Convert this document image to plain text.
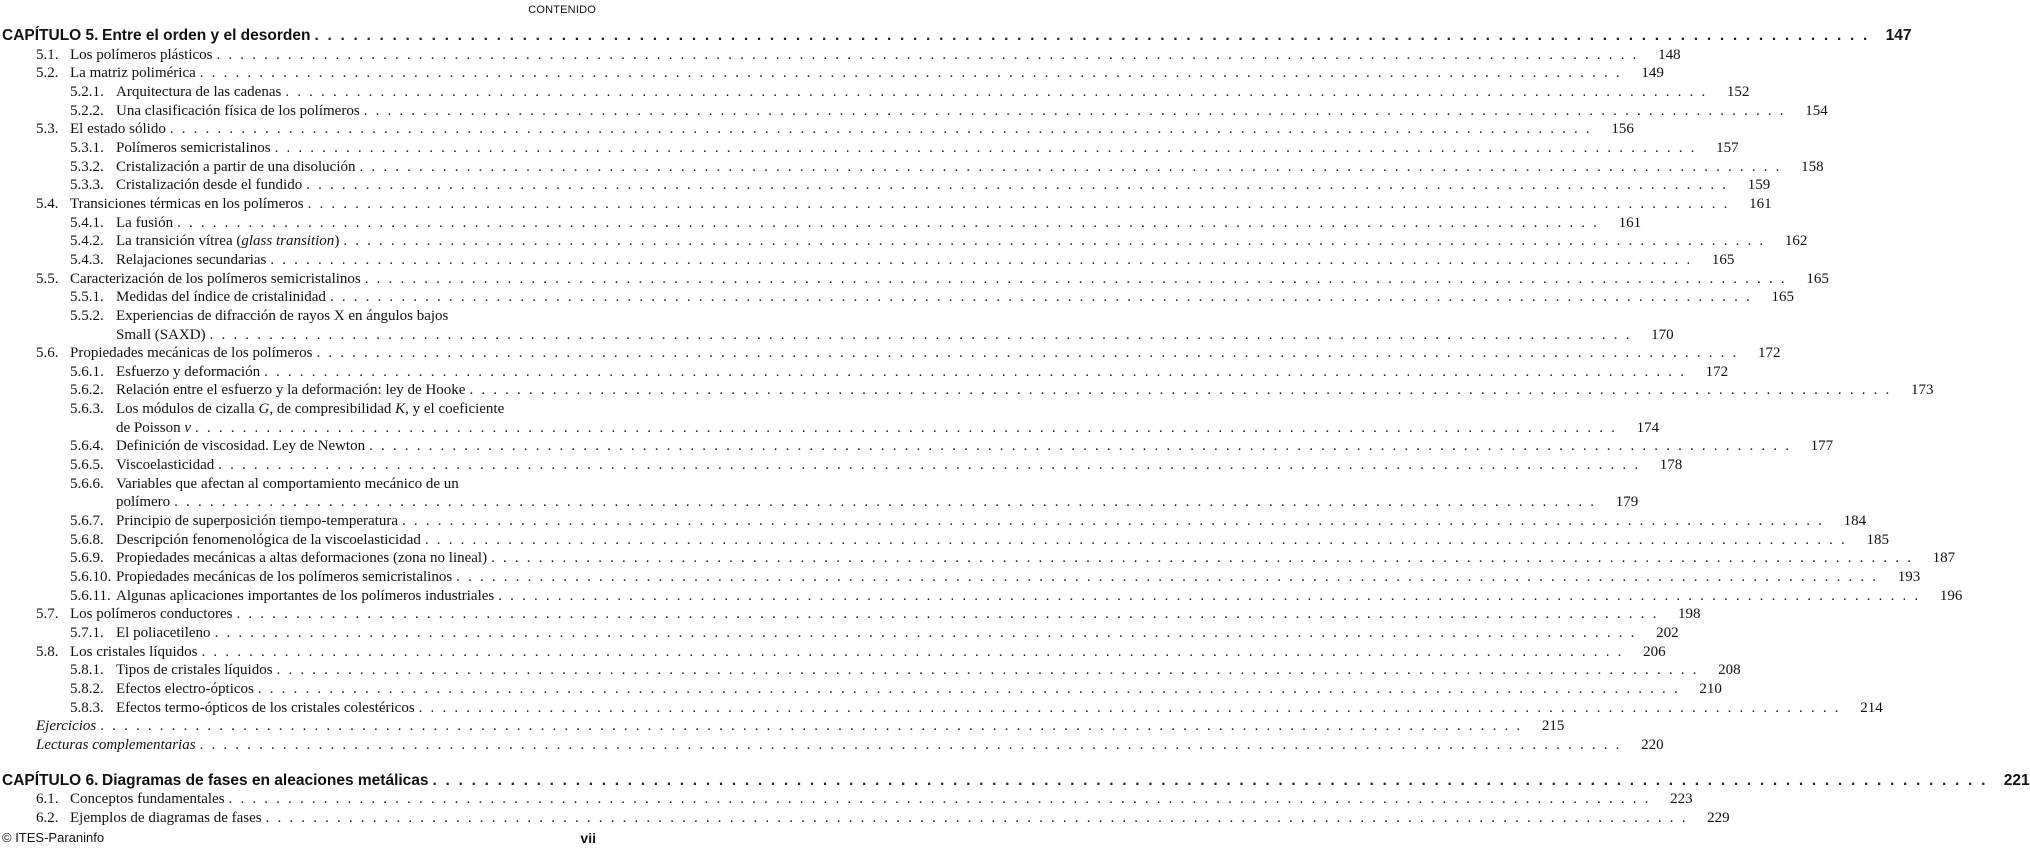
CONTENIDO
CAPÍTULO 5. Entre el orden y el desorden . . . . . . . . . . . . . . . . . . . . . . . . . . . . . . . . . . . . . . . . . . . . . . . . . . . . . . . . . . . . . . . . . . . . . . . . . . . . . . . . . . . . . . . . . . . . . . . . . . . . . . . . . . . . . . . . . . . . . . . .	147
5.1. Los polímeros plásticos . . . . . . . . . . . . . . . . . . . . . . . . . . . . . . . . . . . . . . . . . . . . . . . . . . . . . . . . . . . . . . . . . . . . . . . . . . . . . . . . . . . . . . . . . . . . . . . . . . . . . . . . . . . . . . . . . . . . . . . .	148
5.2. La matriz polimérica . . . . . . . . . . . . . . . . . . . . . . . . . . . . . . . . . . . . . . . . . . . . . . . . . . . . . . . . . . . . . . . . . . . . . . . . . . . . . . . . . . . . . . . . . . . . . . . . . . . . . . . . . . . . . . . . . . . . . . . .	149
5.2.1. Arquitectura de las cadenas . . . . . . . . . . . . . . . . . . . . . . . . . . . . . . . . . . . . . . . . . . . . . . . . . . . . . . . . . . . . . . . . . . . . . . . . . . . . . . . . . . . . . . . . . . . . . . . . . . . . . . . . . . . . . . . . . . . . . . . .	152
5.2.2. Una clasificación física de los polímeros . . . . . . . . . . . . . . . . . . . . . . . . . . . . . . . . . . . . . . . . . . . . . . . . . . . . . . . . . . . . . . . . . . . . . . . . . . . . . . . . . . . . . . . . . . . . . . . . . . . . . . . . . . . . . . . . . . . . . . . .	154
5.3. El estado sólido . . . . . . . . . . . . . . . . . . . . . . . . . . . . . . . . . . . . . . . . . . . . . . . . . . . . . . . . . . . . . . . . . . . . . . . . . . . . . . . . . . . . . . . . . . . . . . . . . . . . . . . . . . . . . . . . . . . . . . . .	156
5.3.1. Polímeros semicristalinos . . . . . . . . . . . . . . . . . . . . . . . . . . . . . . . . . . . . . . . . . . . . . . . . . . . . . . . . . . . . . . . . . . . . . . . . . . . . . . . . . . . . . . . . . . . . . . . . . . . . . . . . . . . . . . . . . . . . . . . .	157
5.3.2. Cristalización a partir de una disolución . . . . . . . . . . . . . . . . . . . . . . . . . . . . . . . . . . . . . . . . . . . . . . . . . . . . . . . . . . . . . . . . . . . . . . . . . . . . . . . . . . . . . . . . . . . . . . . . . . . . . . . . . . . . . . . . . . . . . . . .	158
5.3.3. Cristalización desde el fundido . . . . . . . . . . . . . . . . . . . . . . . . . . . . . . . . . . . . . . . . . . . . . . . . . . . . . . . . . . . . . . . . . . . . . . . . . . . . . . . . . . . . . . . . . . . . . . . . . . . . . . . . . . . . . . . . . . . . . . . .	159
5.4. Transiciones térmicas en los polímeros . . . . . . . . . . . . . . . . . . . . . . . . . . . . . . . . . . . . . . . . . . . . . . . . . . . . . . . . . . . . . . . . . . . . . . . . . . . . . . . . . . . . . . . . . . . . . . . . . . . . . . . . . . . . . . . . . . . . . . . .	161
5.4.1. La fusión . . . . . . . . . . . . . . . . . . . . . . . . . . . . . . . . . . . . . . . . . . . . . . . . . . . . . . . . . . . . . . . . . . . . . . . . . . . . . . . . . . . . . . . . . . . . . . . . . . . . . . . . . . . . . . . . . . . . . . . .	161
5.4.2. La transición vítrea (glass transition) . . . . . . . . . . . . . . . . . . . . . . . . . . . . . . . . . . . . . . . . . . . . . . . . . . . . . . . . . . . . . . . . . . . . . . . . . . . . . . . . . . . . . . . . . . . . . . . . . . . . . . . . . . . . . . . . . . . . . . . .	162
5.4.3. Relajaciones secundarias . . . . . . . . . . . . . . . . . . . . . . . . . . . . . . . . . . . . . . . . . . . . . . . . . . . . . . . . . . . . . . . . . . . . . . . . . . . . . . . . . . . . . . . . . . . . . . . . . . . . . . . . . . . . . . . . . . . . . . . .	165
5.5. Caracterización de los polímeros semicristalinos . . . . . . . . . . . . . . . . . . . . . . . . . . . . . . . . . . . . . . . . . . . . . . . . . . . . . . . . . . . . . . . . . . . . . . . . . . . . . . . . . . . . . . . . . . . . . . . . . . . . . . . . . . . . . . . . . . . . . . . .	165
5.5.1. Medidas del índice de cristalinidad . . . . . . . . . . . . . . . . . . . . . . . . . . . . . . . . . . . . . . . . . . . . . . . . . . . . . . . . . . . . . . . . . . . . . . . . . . . . . . . . . . . . . . . . . . . . . . . . . . . . . . . . . . . . . . . . . . . . . . . .	165
5.5.2. Experiencias de difracción de rayos X en ángulos bajos
Small (SAXD) . . . . . . . . . . . . . . . . . . . . . . . . . . . . . . . . . . . . . . . . . . . . . . . . . . . . . . . . . . . . . . . . . . . . . . . . . . . . . . . . . . . . . . . . . . . . . . . . . . . . . . . . . . . . . . . . . . . . . . . .	170
5.6. Propiedades mecánicas de los polímeros . . . . . . . . . . . . . . . . . . . . . . . . . . . . . . . . . . . . . . . . . . . . . . . . . . . . . . . . . . . . . . . . . . . . . . . . . . . . . . . . . . . . . . . . . . . . . . . . . . . . . . . . . . . . . . . . . . . . . . . .	172
5.6.1. Esfuerzo y deformación . . . . . . . . . . . . . . . . . . . . . . . . . . . . . . . . . . . . . . . . . . . . . . . . . . . . . . . . . . . . . . . . . . . . . . . . . . . . . . . . . . . . . . . . . . . . . . . . . . . . . . . . . . . . . . . . . . . . . . . .	172
5.6.2. Relación entre el esfuerzo y la deformación: ley de Hooke . . . . . . . . . . . . . . . . . . . . . . . . . . . . . . . . . . . . . . . . . . . . . . . . . . . . . . . . . . . . . . . . . . . . . . . . . . . . . . . . . . . . . . . . . . . . . . . . . . . . . . . . . . . . . . . . . . . . . . . .	173
5.6.3. Los módulos de cizalla G, de compresibilidad K, y el coeficiente
de Poisson ν . . . . . . . . . . . . . . . . . . . . . . . . . . . . . . . . . . . . . . . . . . . . . . . . . . . . . . . . . . . . . . . . . . . . . . . . . . . . . . . . . . . . . . . . . . . . . . . . . . . . . . . . . . . . . . . . . . . . . . . .	174
5.6.4. Definición de viscosidad. Ley de Newton . . . . . . . . . . . . . . . . . . . . . . . . . . . . . . . . . . . . . . . . . . . . . . . . . . . . . . . . . . . . . . . . . . . . . . . . . . . . . . . . . . . . . . . . . . . . . . . . . . . . . . . . . . . . . . . . . . . . . . . .	177
5.6.5. Viscoelasticidad . . . . . . . . . . . . . . . . . . . . . . . . . . . . . . . . . . . . . . . . . . . . . . . . . . . . . . . . . . . . . . . . . . . . . . . . . . . . . . . . . . . . . . . . . . . . . . . . . . . . . . . . . . . . . . . . . . . . . . . .	178
5.6.6. Variables que afectan al comportamiento mecánico de un
polímero . . . . . . . . . . . . . . . . . . . . . . . . . . . . . . . . . . . . . . . . . . . . . . . . . . . . . . . . . . . . . . . . . . . . . . . . . . . . . . . . . . . . . . . . . . . . . . . . . . . . . . . . . . . . . . . . . . . . . . . .	179
5.6.7. Principio de superposición tiempo-temperatura . . . . . . . . . . . . . . . . . . . . . . . . . . . . . . . . . . . . . . . . . . . . . . . . . . . . . . . . . . . . . . . . . . . . . . . . . . . . . . . . . . . . . . . . . . . . . . . . . . . . . . . . . . . . . . . . . . . . . . . .	184
5.6.8. Descripción fenomenológica de la viscoelasticidad . . . . . . . . . . . . . . . . . . . . . . . . . . . . . . . . . . . . . . . . . . . . . . . . . . . . . . . . . . . . . . . . . . . . . . . . . . . . . . . . . . . . . . . . . . . . . . . . . . . . . . . . . . . . . . . . . . . . . . . .	185
5.6.9. Propiedades mecánicas a altas deformaciones (zona no lineal) . . . . . . . . . . . . . . . . . . . . . . . . . . . . . . . . . . . . . . . . . . . . . . . . . . . . . . . . . . . . . . . . . . . . . . . . . . . . . . . . . . . . . . . . . . . . . . . . . . . . . . . . . . . . . . . . . . . . . . . .	187
5.6.10. Propiedades mecánicas de los polímeros semicristalinos . . . . . . . . . . . . . . . . . . . . . . . . . . . . . . . . . . . . . . . . . . . . . . . . . . . . . . . . . . . . . . . . . . . . . . . . . . . . . . . . . . . . . . . . . . . . . . . . . . . . . . . . . . . . . . . . . . . . . . . .	193
5.6.11. Algunas aplicaciones importantes de los polímeros industriales . . . . . . . . . . . . . . . . . . . . . . . . . . . . . . . . . . . . . . . . . . . . . . . . . . . . . . . . . . . . . . . . . . . . . . . . . . . . . . . . . . . . . . . . . . . . . . . . . . . . . . . . . . . . . . . . . . . . . . . .	196
5.7. Los polímeros conductores . . . . . . . . . . . . . . . . . . . . . . . . . . . . . . . . . . . . . . . . . . . . . . . . . . . . . . . . . . . . . . . . . . . . . . . . . . . . . . . . . . . . . . . . . . . . . . . . . . . . . . . . . . . . . . . . . . . . . . . .	198
5.7.1. El poliacetileno . . . . . . . . . . . . . . . . . . . . . . . . . . . . . . . . . . . . . . . . . . . . . . . . . . . . . . . . . . . . . . . . . . . . . . . . . . . . . . . . . . . . . . . . . . . . . . . . . . . . . . . . . . . . . . . . . . . . . . . .	202
5.8. Los cristales líquidos . . . . . . . . . . . . . . . . . . . . . . . . . . . . . . . . . . . . . . . . . . . . . . . . . . . . . . . . . . . . . . . . . . . . . . . . . . . . . . . . . . . . . . . . . . . . . . . . . . . . . . . . . . . . . . . . . . . . . . . .	206
5.8.1. Tipos de cristales líquidos . . . . . . . . . . . . . . . . . . . . . . . . . . . . . . . . . . . . . . . . . . . . . . . . . . . . . . . . . . . . . . . . . . . . . . . . . . . . . . . . . . . . . . . . . . . . . . . . . . . . . . . . . . . . . . . . . . . . . . . .	208
5.8.2. Efectos electro-ópticos . . . . . . . . . . . . . . . . . . . . . . . . . . . . . . . . . . . . . . . . . . . . . . . . . . . . . . . . . . . . . . . . . . . . . . . . . . . . . . . . . . . . . . . . . . . . . . . . . . . . . . . . . . . . . . . . . . . . . . . .	210
5.8.3. Efectos termo-ópticos de los cristales colestéricos . . . . . . . . . . . . . . . . . . . . . . . . . . . . . . . . . . . . . . . . . . . . . . . . . . . . . . . . . . . . . . . . . . . . . . . . . . . . . . . . . . . . . . . . . . . . . . . . . . . . . . . . . . . . . . . . . . . . . . . .	214
Ejercicios . . . . . . . . . . . . . . . . . . . . . . . . . . . . . . . . . . . . . . . . . . . . . . . . . . . . . . . . . . . . . . . . . . . . . . . . . . . . . . . . . . . . . . . . . . . . . . . . . . . . . . . . . . . . . . . . . . . . . . . .	215
Lecturas complementarias . . . . . . . . . . . . . . . . . . . . . . . . . . . . . . . . . . . . . . . . . . . . . . . . . . . . . . . . . . . . . . . . . . . . . . . . . . . . . . . . . . . . . . . . . . . . . . . . . . . . . . . . . . . . . . . . . . . . . . . .	220
CAPÍTULO 6. Diagramas de fases en aleaciones metálicas . . . . . . . . . . . . . . . . . . . . . . . . . . . . . . . . . . . . . . . . . . . . . . . . . . . . . . . . . . . . . . . . . . . . . . . . . . . . . . . . . . . . . . . . . . . . . . . . . . . . . . . . . . . . . . . . . . . . . . . .	221
6.1. Conceptos fundamentales . . . . . . . . . . . . . . . . . . . . . . . . . . . . . . . . . . . . . . . . . . . . . . . . . . . . . . . . . . . . . . . . . . . . . . . . . . . . . . . . . . . . . . . . . . . . . . . . . . . . . . . . . . . . . . . . . . . . . . . .	223
6.2. Ejemplos de diagramas de fases . . . . . . . . . . . . . . . . . . . . . . . . . . . . . . . . . . . . . . . . . . . . . . . . . . . . . . . . . . . . . . . . . . . . . . . . . . . . . . . . . . . . . . . . . . . . . . . . . . . . . . . . . . . . . . . . . . . . . . . .	229
© ITES-Paraninfo	vii
